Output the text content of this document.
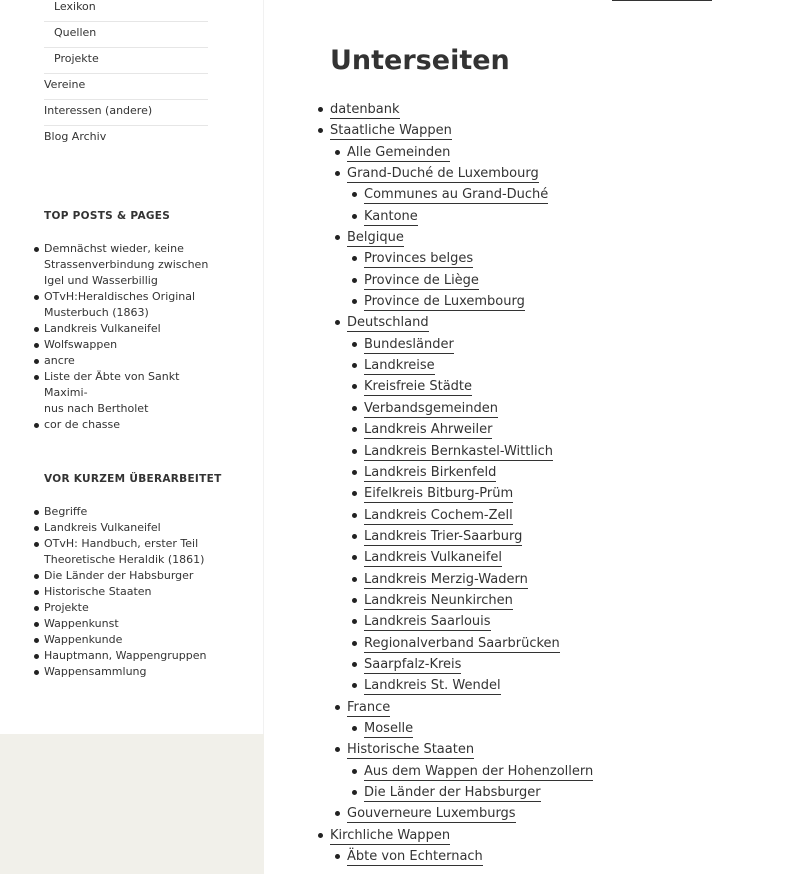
Lexikon
Quellen
Projekte
Vereine
Interessen (andere)
Blog Archiv
TOP POSTS & PAGES
Demnächst wieder, keine
Strassenverbindung zwischen
Igel und Wasserbillig
OTvH:Heraldisches Original
Musterbuch (1863)
Landkreis Vulkaneifel
Wolfswappen
ancre
Liste der Äbte von Sankt Maximi-
nus nach Bertholet
cor de chasse
VOR KURZEM ÜBERARBEITET
Begriffe
Landkreis Vulkaneifel
OTvH: Handbuch, erster Teil
Theoretische Heraldik (1861)
Die Länder der Habsburger
Historische Staaten
Projekte
Wappenkunst
Wappenkunde
Hauptmann, Wappengruppen
Wappensammlung
Unterseiten
datenbank
Staatliche Wappen
Alle Gemeinden
Grand-Duché de Luxembourg
Communes au Grand-Duché
Kantone
Belgique
Provinces belges
Province de Liège
Province de Luxembourg
Deutschland
Bundesländer
Landkreise
Kreisfreie Städte
Verbandsgemeinden
Landkreis Ahrweiler
Landkreis Bernkastel-Wittlich
Landkreis Birkenfeld
Eifelkreis Bitburg-Prüm
Landkreis Cochem-Zell
Landkreis Trier-Saarburg
Landkreis Vulkaneifel
Landkreis Merzig-Wadern
Landkreis Neunkirchen
Landkreis Saarlouis
Regionalverband Saarbrücken
Saarpfalz-Kreis
Landkreis St. Wendel
France
Moselle
Historische Staaten
Aus dem Wappen der Hohenzollern
Die Länder der Habsburger
Gouverneure Luxemburgs
Kirchliche Wappen
Äbte von Echternach
